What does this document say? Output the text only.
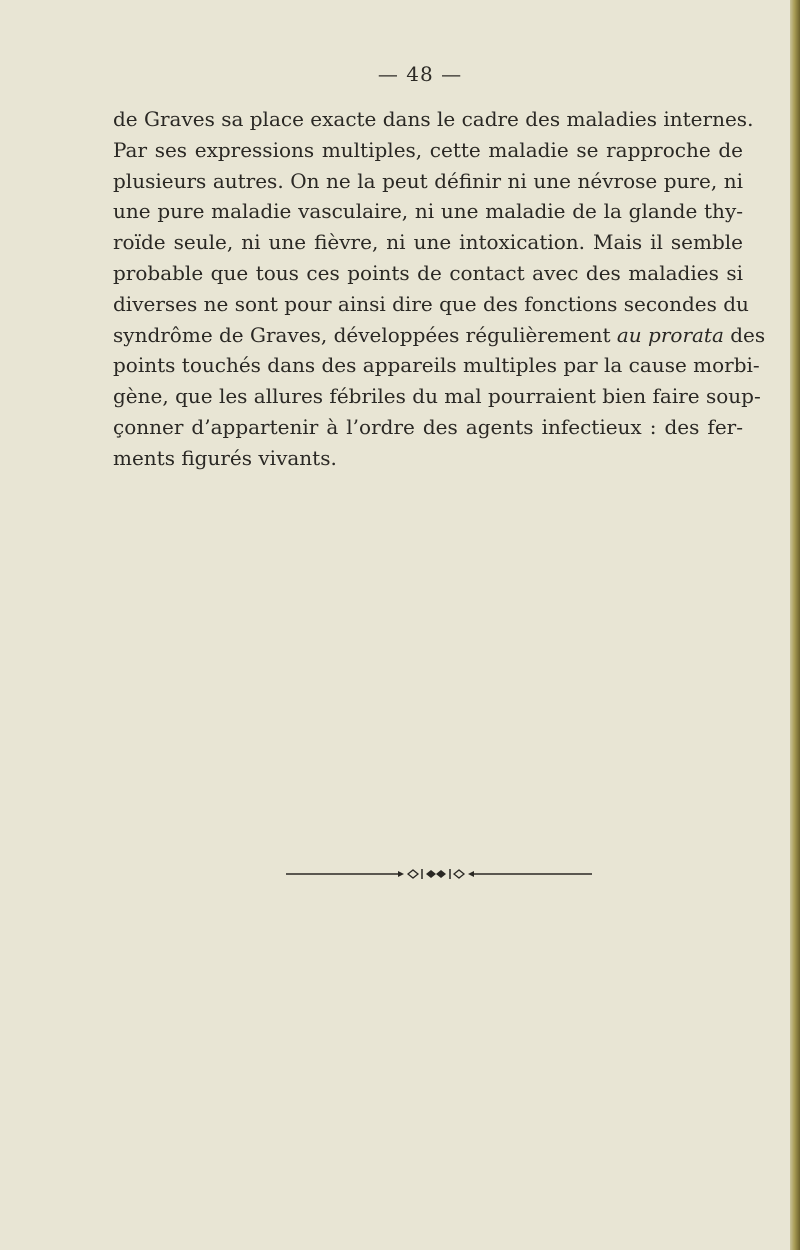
— 48 —
de Graves sa place exacte dans le cadre des maladies internes.
Par ses expressions multiples, cette maladie se rapproche de
plusieurs autres. On ne la peut définir ni une névrose pure, ni
une pure maladie vasculaire, ni une maladie de la glande thy-
roïde seule, ni une fièvre, ni une intoxication. Mais il semble
probable que tous ces points de contact avec des maladies si
diverses ne sont pour ainsi dire que des fonctions secondes du
syndrôme de Graves, développées régulièrement au prorata des
points touchés dans des appareils multiples par la cause morbi-
gène, que les allures fébriles du mal pourraient bien faire soup-
çonner d’appartenir à l’ordre des agents infectieux : des fer-
ments figurés vivants.
